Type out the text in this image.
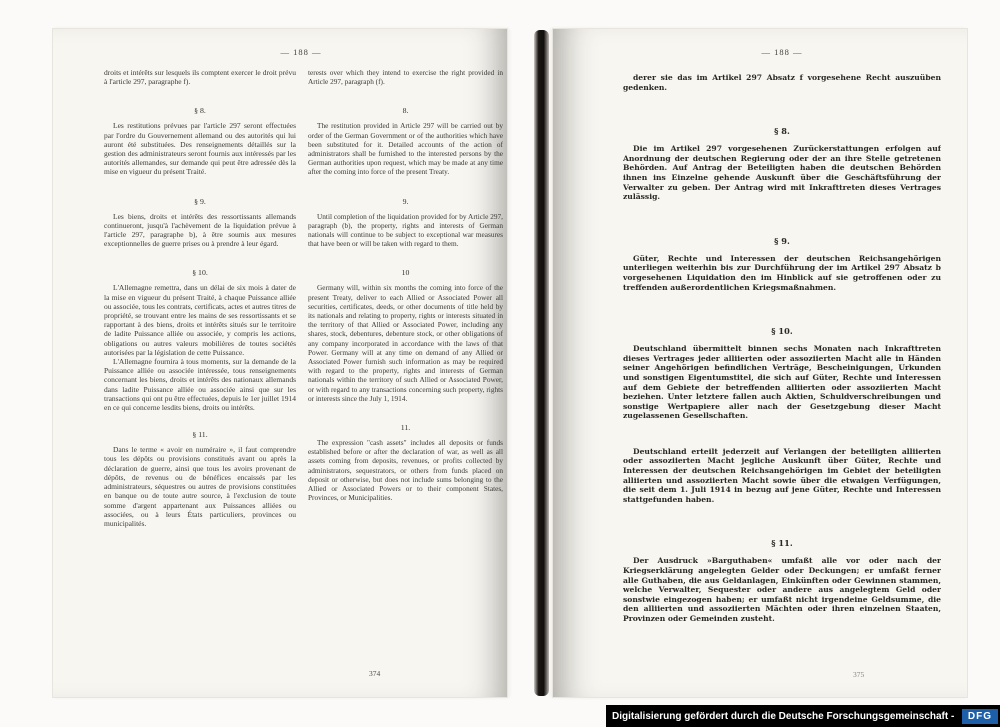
— 188 —

droits et intérêts sur lesquels ils comptent exercer le droit prévu à l'article 297, paragraphe f).

§ 8.

Les restitutions prévues par l'article 297 seront effectuées par l'ordre du Gouvernement allemand ou des autorités qui lui auront été substituées. Des renseignements détaillés sur la gestion des administrateurs seront fournis aux intéressés par les autorités allemandes, sur demande qui peut être adressée dès la mise en vigueur du présent Traité.

§ 9.

Les biens, droits et intérêts des ressortissants allemands continueront, jusqu'à l'achèvement de la liquidation prévue à l'article 297, paragraphe b), à être soumis aux mesures exceptionnelles de guerre prises ou à prendre à leur égard.

§ 10.

L'Allemagne remettra, dans un délai de six mois à dater de la mise en vigueur du présent Traité, à chaque Puissance alliée ou associée, tous les contrats, certificats, actes et autres titres de propriété, se trouvant entre les mains de ses ressortissants et se rapportant à des biens, droits et intérêts situés sur le territoire de ladite Puissance alliée ou associée, y compris les actions, obligations ou autres valeurs mobilières de toutes sociétés autorisées par la législation de cette Puissance.

L'Allemagne fournira à tous moments, sur la demande de la Puissance alliée ou associée intéressée, tous renseignements concernant les biens, droits et intérêts des nationaux allemands dans ladite Puissance alliée ou associée ainsi que sur les transactions qui ont pu être effectuées, depuis le 1er juillet 1914 en ce qui concerne lesdits biens, droits ou intérêts.

§ 11.

Dans le terme « avoir en numéraire », il faut comprendre tous les dépôts ou provisions constitués avant ou après la déclaration de guerre, ainsi que tous les avoirs provenant de dépôts, de revenus ou de bénéfices encaissés par les administrateurs, séquestres ou autres de provisions constituées en banque ou de toute autre source, à l'exclusion de toute somme d'argent appartenant aux Puissances alliées ou associées, ou à leurs États particuliers, provinces ou municipalités.

terests over which they intend to exercise the right provided in Article 297, paragraph (f).

8.

The restitution provided in Article 297 will be carried out by order of the German Government or of the authorities which have been substituted for it. Detailed accounts of the action of administrators shall be furnished to the interested persons by the German authorities upon request, which may be made at any time after the coming into force of the present Treaty.

9.

Until completion of the liquidation provided for by Article 297, paragraph (b), the property, rights and interests of German nationals will continue to be subject to exceptional war measures that have been or will be taken with regard to them.

10

Germany will, within six months the coming into force of the present Treaty, deliver to each Allied or Associated Power all securities, certificates, deeds, or other documents of title held by its nationals and relating to property, rights or interests situated in the territory of that Allied or Associated Power, including any shares, stock, debentures, debenture stock, or other obligations of any company incorporated in accordance with the laws of that Power. Germany will at any time on demand of any Allied or Associated Power furnish such information as may be required with regard to the property, rights and interests of German nationals within the territory of such Allied or Associated Power, or with regard to any transactions concerning such property, rights or interests since the July 1, 1914.

11.

The expression "cash assets" includes all deposits or funds established before or after the declaration of war, as well as all assets coming from deposits, revenues, or profits collected by administrators, sequestrators, or others from funds placed on deposit or otherwise, but does not include sums belonging to the Allied or Associated Powers or to their component States, Provinces, or Municipalities.

374
— 188 —

derer sie das im Artikel 297 Absatz f vorgesehene Recht auszuüben gedenken.

§ 8.

Die im Artikel 297 vorgesehenen Zurückerstattungen erfolgen auf Anordnung der deutschen Regierung oder der an ihre Stelle getretenen Behörden. Auf Antrag der Beteiligten haben die deutschen Behörden ihnen ins Einzelne gehende Auskunft über die Geschäftsführung der Verwalter zu geben. Der Antrag wird mit Inkrafttreten dieses Vertrages zulässig.

§ 9.

Güter, Rechte und Interessen der deutschen Reichsangehörigen unterliegen weiterhin bis zur Durchführung der im Artikel 297 Absatz b vorgesehenen Liquidation den im Hinblick auf sie getroffenen oder zu treffenden außerordentlichen Kriegsmaßnahmen.

§ 10.

Deutschland übermittelt binnen sechs Monaten nach Inkrafttreten dieses Vertrages jeder alliierten oder assoziierten Macht alle in Händen seiner Angehörigen befindlichen Verträge, Bescheinigungen, Urkunden und sonstigen Eigentumstitel, die sich auf Güter, Rechte und Interessen auf dem Gebiete der betreffenden alliierten oder assoziierten Macht beziehen. Unter letztere fallen auch Aktien, Schuldverschreibungen und sonstige Wertpapiere aller nach der Gesetzgebung dieser Macht zugelassenen Gesellschaften.

Deutschland erteilt jederzeit auf Verlangen der beteiligten alliierten oder assoziierten Macht jegliche Auskunft über Güter, Rechte und Interessen der deutschen Reichsangehörigen im Gebiet der beteiligten alliierten und assoziierten Macht sowie über die etwaigen Verfügungen, die seit dem 1. Juli 1914 in bezug auf jene Güter, Rechte und Interessen stattgefunden haben.

§ 11.

Der Ausdruck »Barguthaben« umfaßt alle vor oder nach der Kriegserklärung angelegten Gelder oder Deckungen; er umfaßt ferner alle Guthaben, die aus Geldanlagen, Einkünften oder Gewinnen stammen, welche Verwalter, Sequester oder andere aus angelegtem Geld oder sonstwie eingezogen haben; er umfaßt nicht irgendeine Geldsumme, die den alliierten und assoziierten Mächten oder ihren einzelnen Staaten, Provinzen oder Gemeinden zusteht.

375
Digitalisierung gefördert durch die Deutsche Forschungsgemeinschaft -	DFG
